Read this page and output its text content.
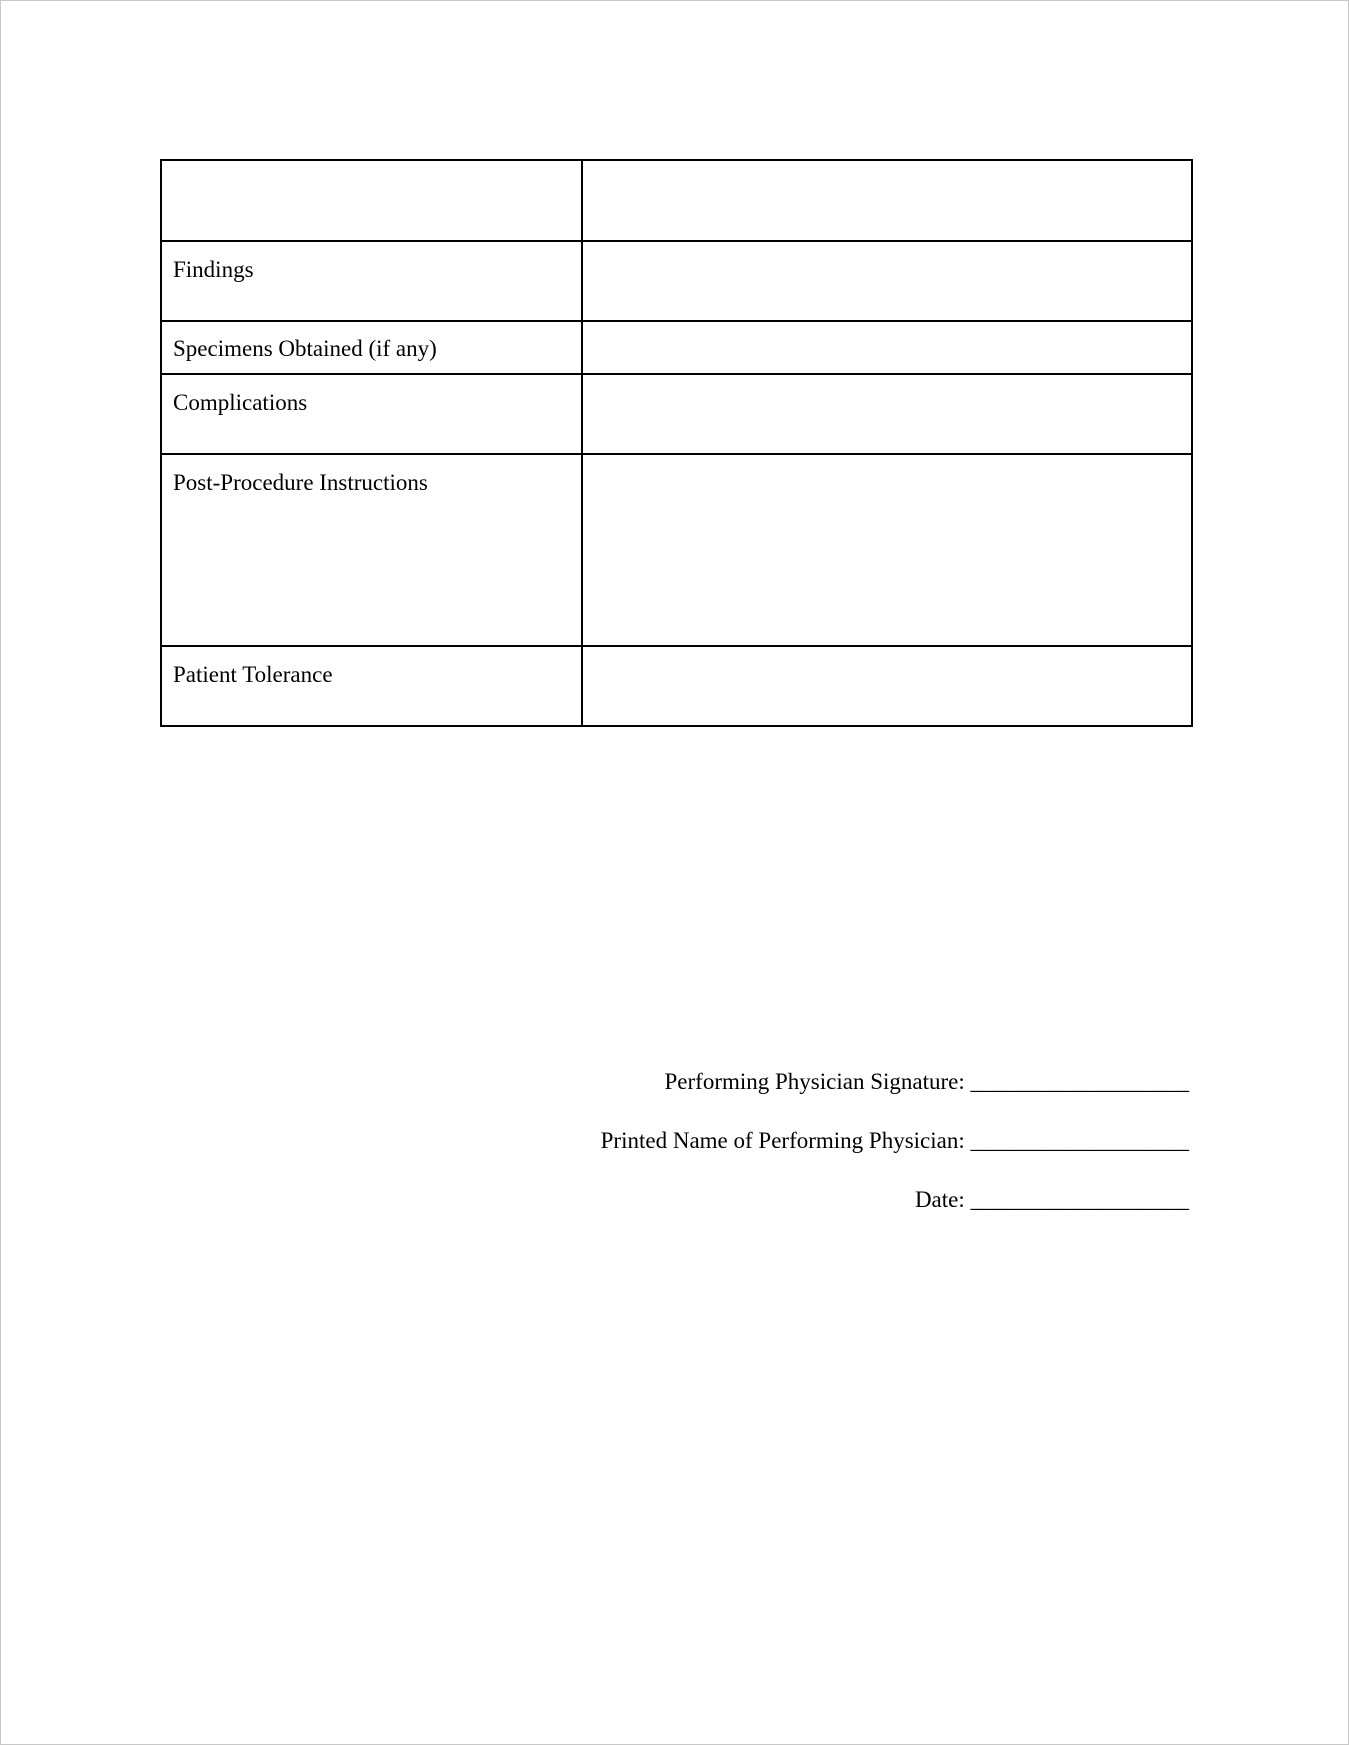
Findings	
Specimens Obtained (if any)	
Complications	
Post-Procedure Instructions	
Patient Tolerance	
Performing Physician Signature: ___________________
Printed Name of Performing Physician: ___________________
Date: ___________________
